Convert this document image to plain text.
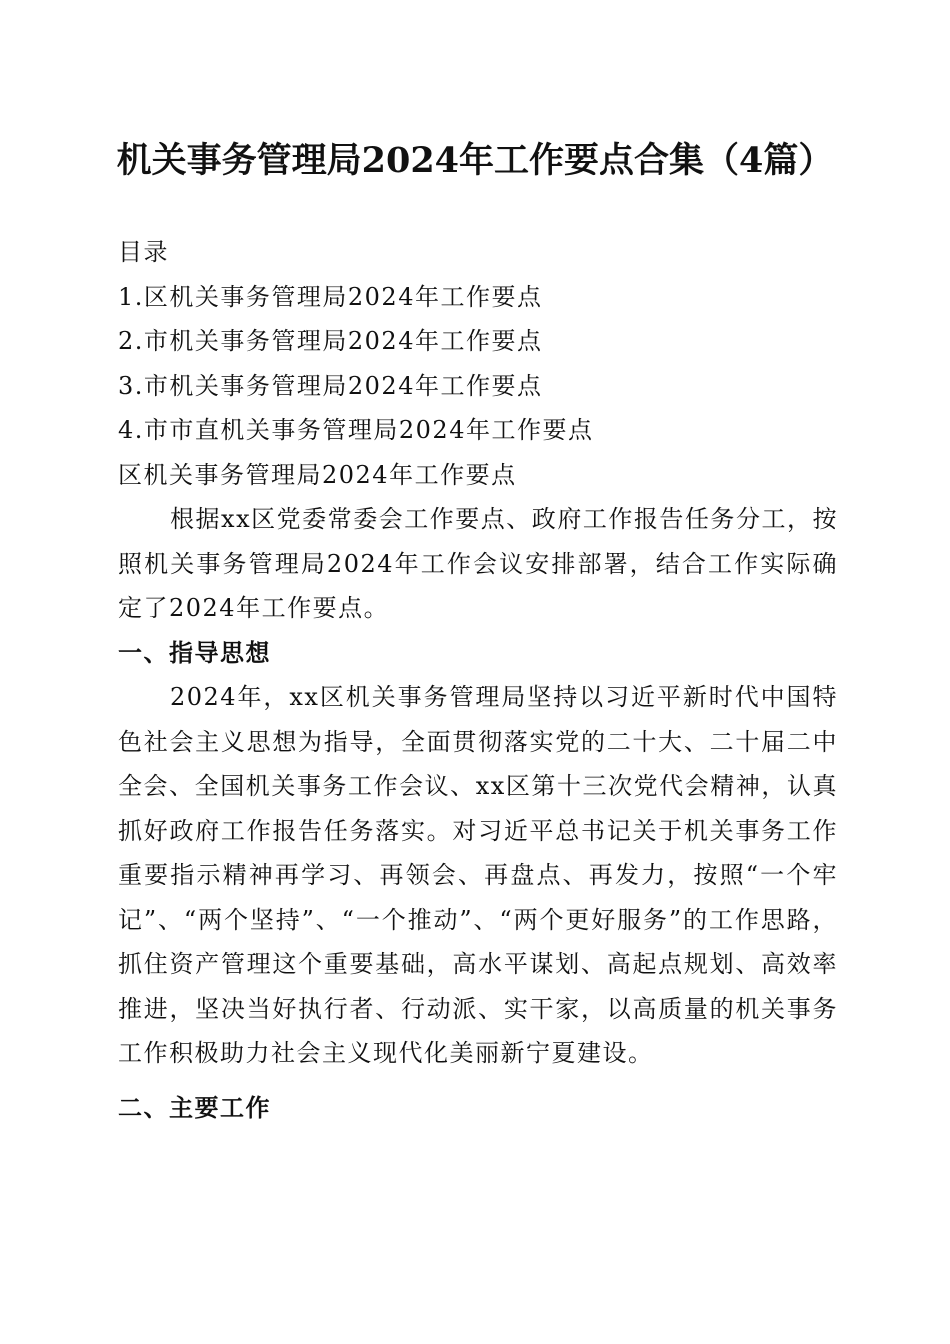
机关事务管理局2024年工作要点合集（4篇）

目录

1.区机关事务管理局2024年工作要点

2.市机关事务管理局2024年工作要点

3.市机关事务管理局2024年工作要点

4.市市直机关事务管理局2024年工作要点

区机关事务管理局2024年工作要点

根据xx区党委常委会工作要点、政府工作报告任务分工，按照机关事务管理局2024年工作会议安排部署，结合工作实际确定了2024年工作要点。

一、指导思想

2024年，xx区机关事务管理局坚持以习近平新时代中国特色社会主义思想为指导，全面贯彻落实党的二十大、二十届二中全会、全国机关事务工作会议、xx区第十三次党代会精神，认真抓好政府工作报告任务落实。对习近平总书记关于机关事务工作重要指示精神再学习、再领会、再盘点、再发力，按照“一个牢记”、“两个坚持”、“一个推动”、“两个更好服务”的工作思路，抓住资产管理这个重要基础，高水平谋划、高起点规划、高效率推进，坚决当好执行者、行动派、实干家，以高质量的机关事务工作积极助力社会主义现代化美丽新宁夏建设。

二、主要工作
